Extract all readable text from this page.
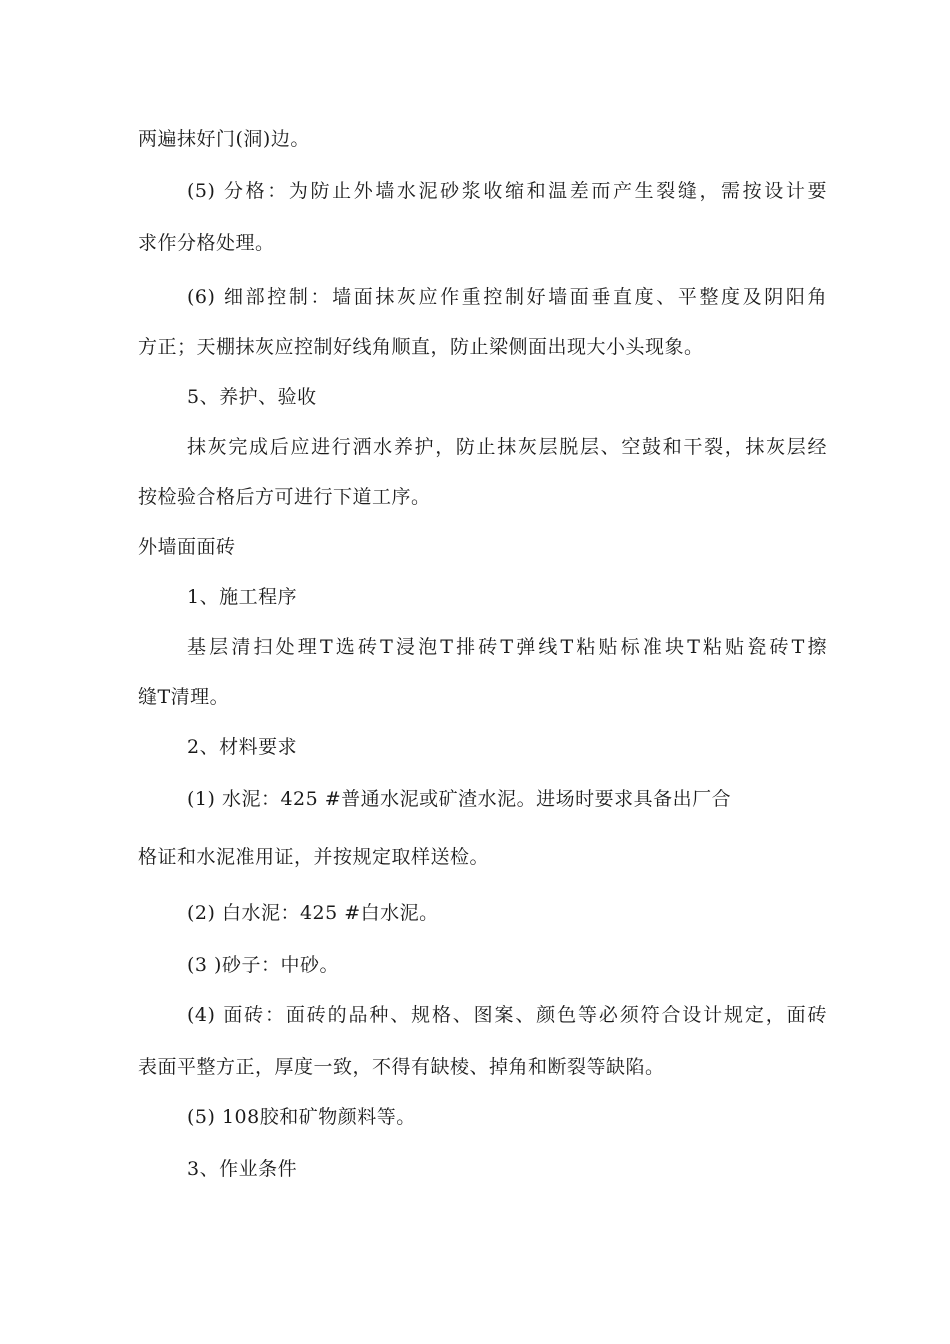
两遍抹好门(洞)边。
(5) 分格：为防止外墙水泥砂浆收缩和温差而产生裂缝，需按设计要
求作分格处理。
(6) 细部控制：墙面抹灰应作重控制好墙面垂直度、平整度及阴阳角
方正；天棚抹灰应控制好线角顺直，防止梁侧面出现大小头现象。
5、养护、验收
抹灰完成后应进行洒水养护，防止抹灰层脱层、空鼓和干裂，抹灰层经
按检验合格后方可进行下道工序。
外墙面面砖
1、施工程序
基层清扫处理T选砖T浸泡T排砖T弹线T粘贴标准块T粘贴瓷砖T擦
缝T清理。
2、材料要求
(1) 水泥：425 #普通水泥或矿渣水泥。进场时要求具备出厂合
格证和水泥准用证，并按规定取样送检。
(2) 白水泥：425 #白水泥。
(3 )砂子：中砂。
(4) 面砖：面砖的品种、规格、图案、颜色等必须符合设计规定，面砖
表面平整方正，厚度一致，不得有缺棱、掉角和断裂等缺陷。
(5) 108胶和矿物颜料等。
3、作业条件
